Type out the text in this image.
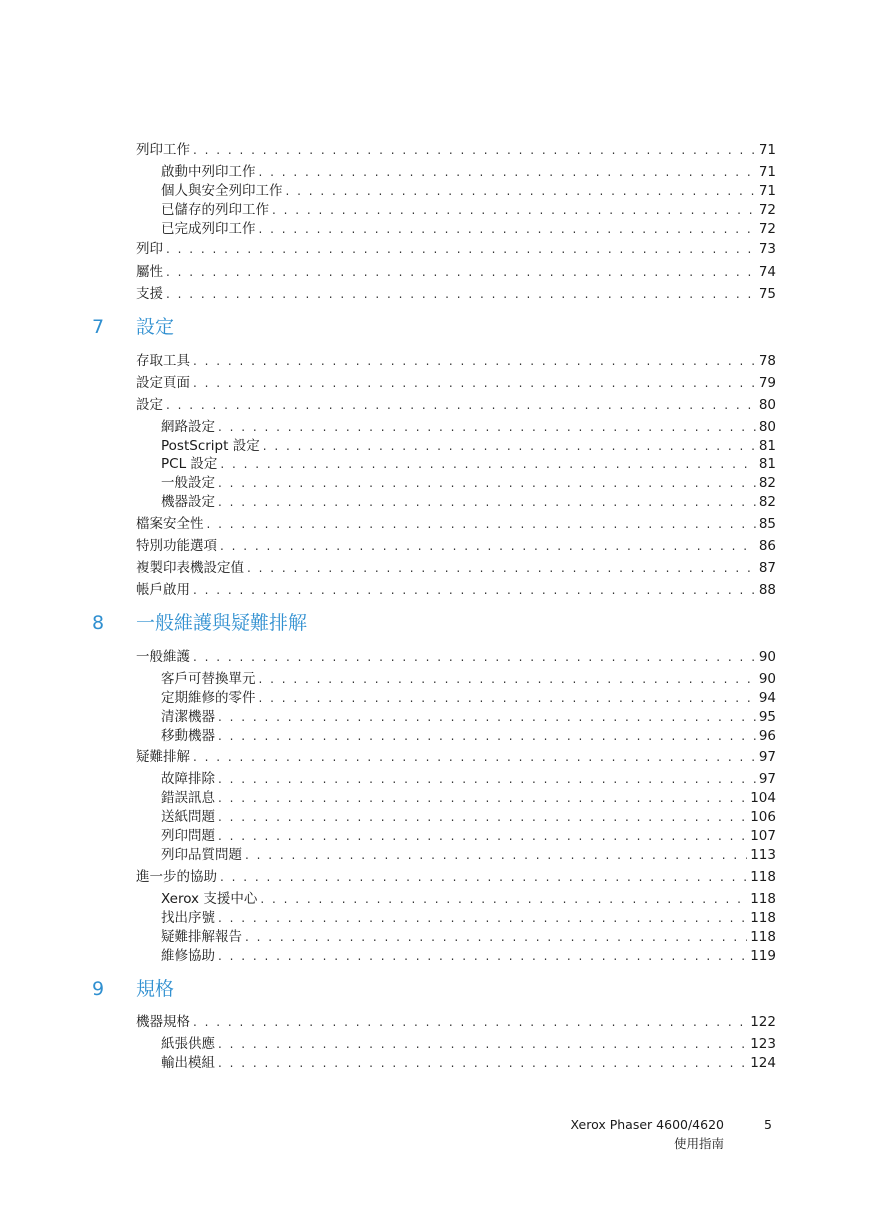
列印工作 . . .	71
啟動中列印工作 . . .	71
個人與安全列印工作 . . .	71
已儲存的列印工作 . . .	72
已完成列印工作 . . .	72
列印 . . .	73
屬性 . . .	74
支援 . . .	75
7	設定
存取工具 . . .	78
設定頁面 . . .	79
設定 . . .	80
網路設定 . . .	80
PostScript 設定 . . .	81
PCL 設定 . . .	81
一般設定 . . .	82
機器設定 . . .	82
檔案安全性 . . .	85
特別功能選項 . . .	86
複製印表機設定值 . . .	87
帳戶啟用 . . .	88
8	一般維護與疑難排解
一般維護 . . .	90
客戶可替換單元 . . .	90
定期維修的零件 . . .	94
清潔機器 . . .	95
移動機器 . . .	96
疑難排解 . . .	97
故障排除 . . .	97
錯誤訊息 . . .	104
送紙問題 . . .	106
列印問題 . . .	107
列印品質問題 . . .	113
進一步的協助 . . .	118
Xerox 支援中心 . . .	118
找出序號 . . .	118
疑難排解報告 . . .	118
維修協助 . . .	119
9	規格
機器規格 . . .	122
紙張供應 . . .	123
輸出模組 . . .	124
Xerox Phaser 4600/4620	5
使用指南
